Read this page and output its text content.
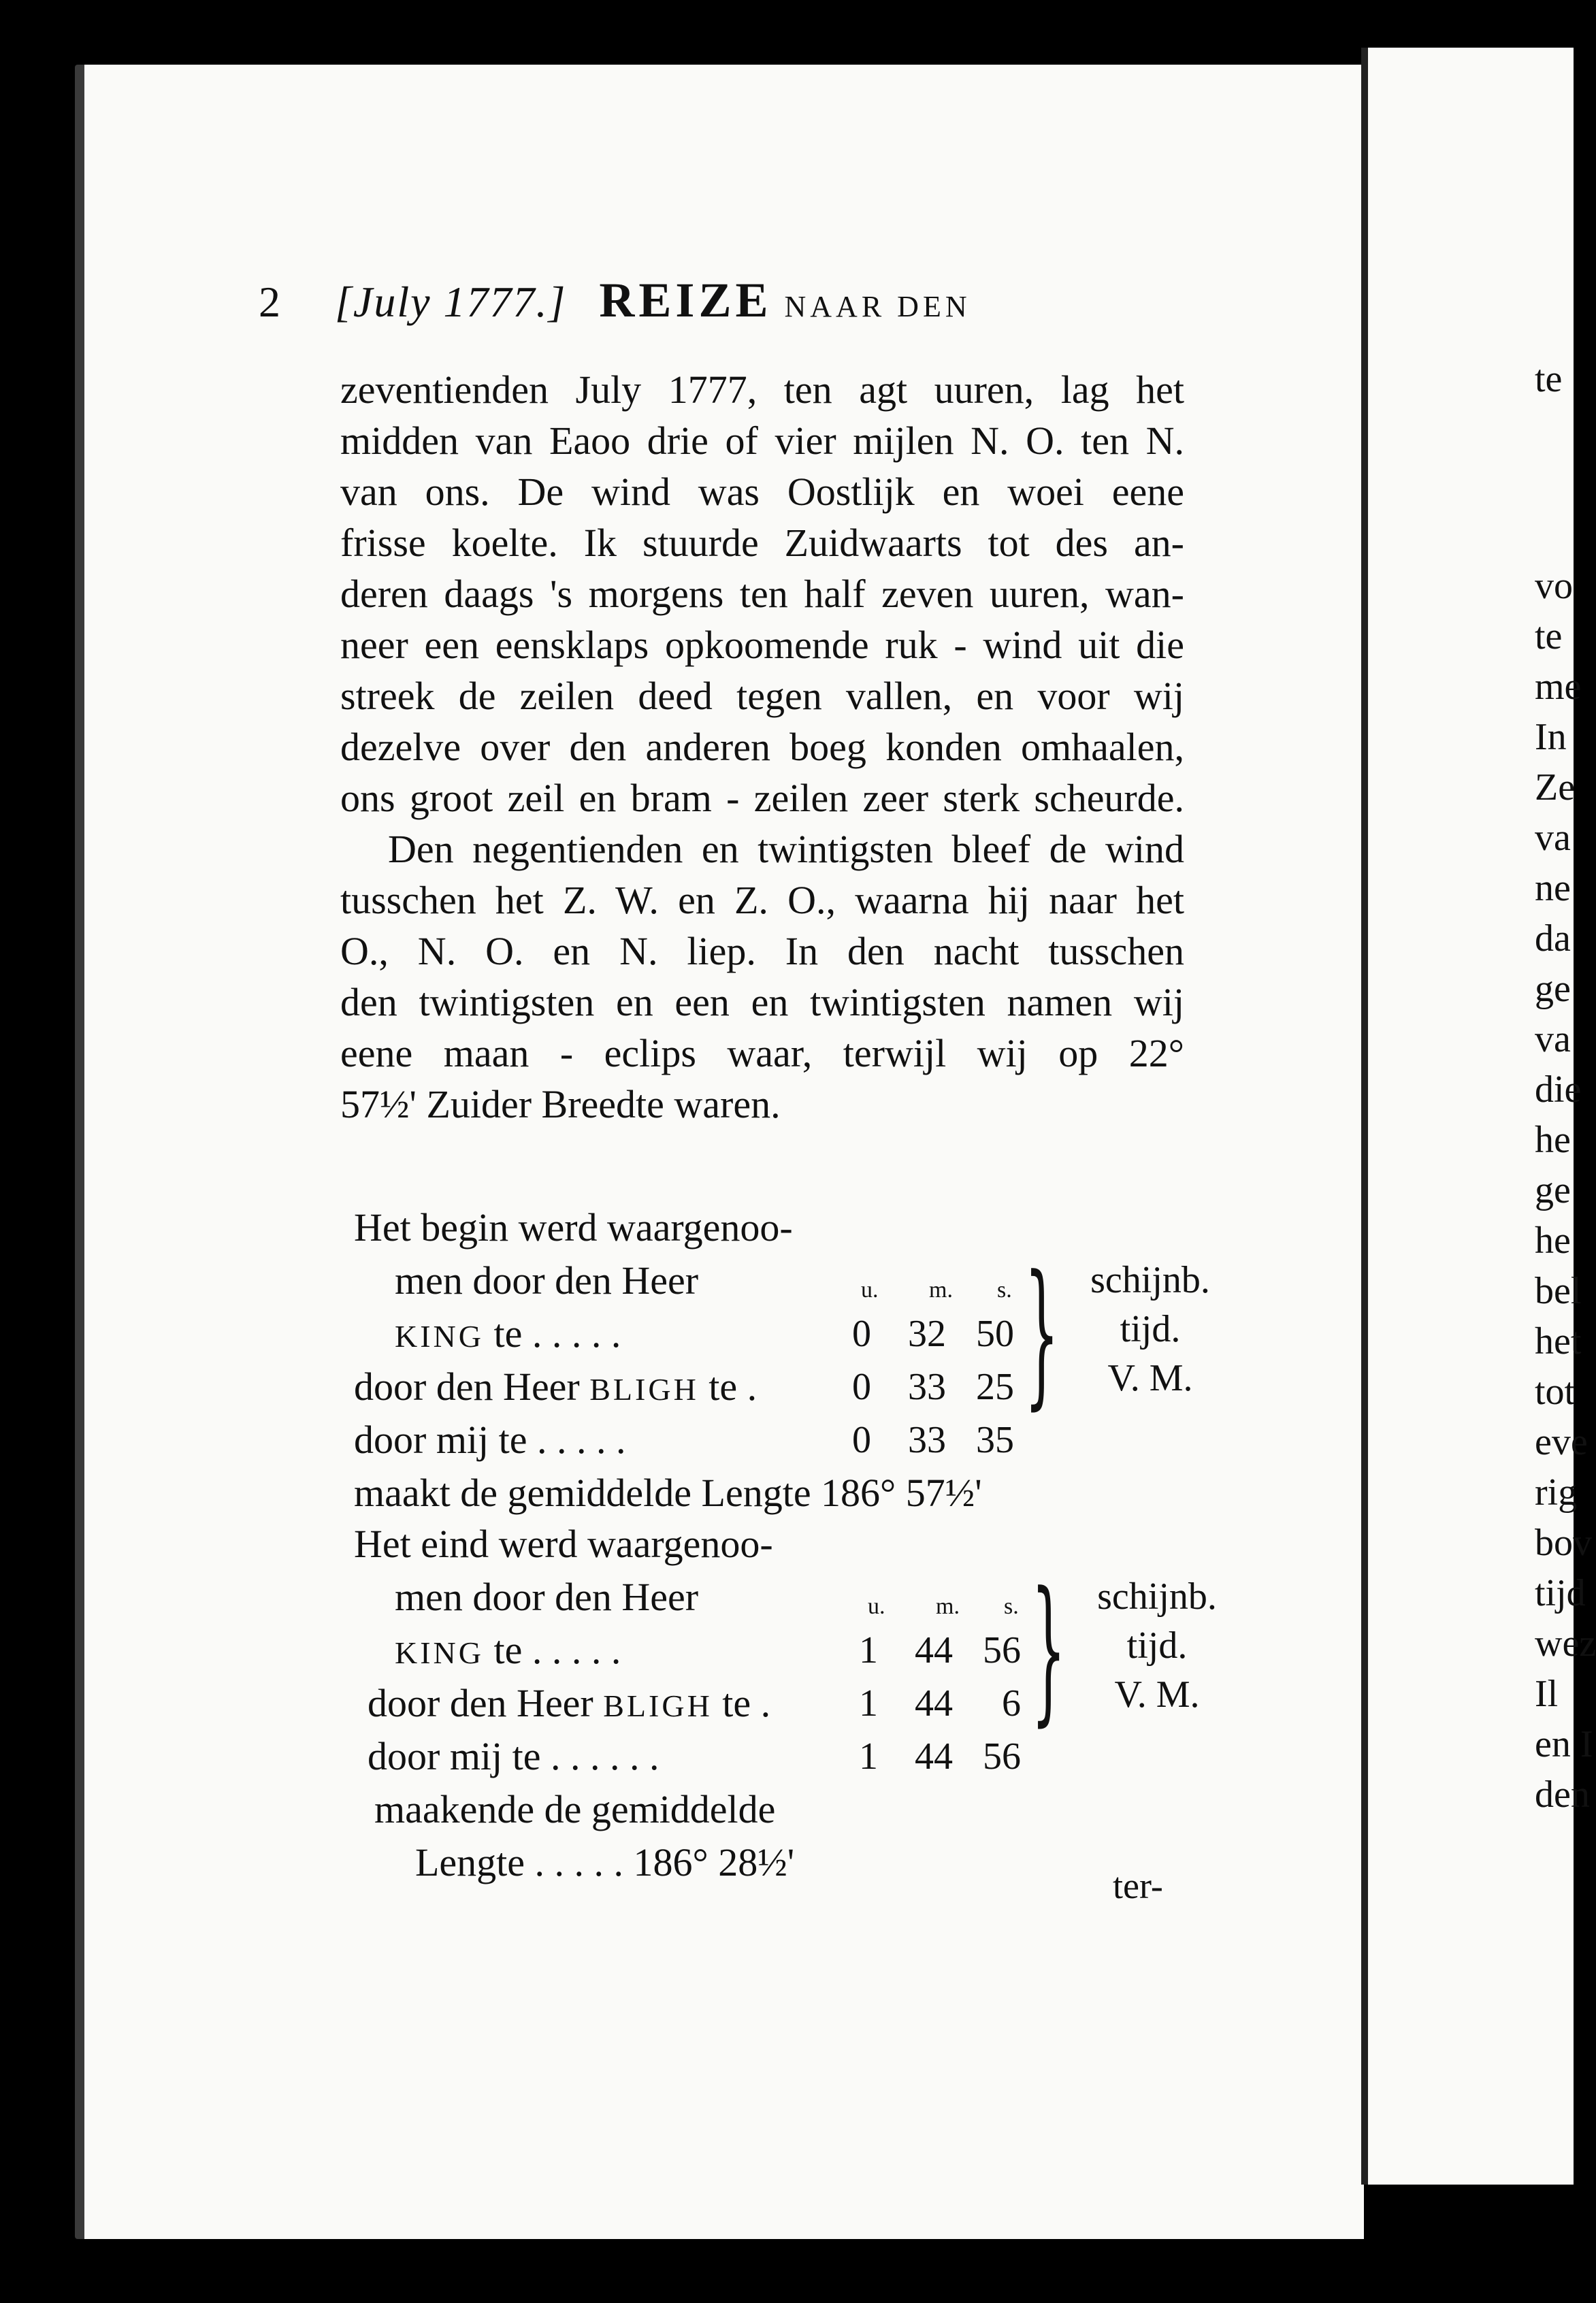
te
vo
te
me
In
Ze
va
ne
da
ge
va
die
he
ge
he
bel
het
tot
eve
rig
bov
tijd
wez
Il
en I
den
2 [July 1777.] REIZE NAAR DEN
zeventienden July 1777, ten agt uuren, lag het
midden van Eaoo drie of vier mijlen N. O. ten N.
van ons. De wind was Oostlijk en woei eene
frisse koelte. Ik stuurde Zuidwaarts tot des an-
deren daags 's morgens ten half zeven uuren, wan-
neer een eensklaps opkoomende ruk - wind uit die
streek de zeilen deed tegen vallen, en voor wij
dezelve over den anderen boeg konden omhaalen,
ons groot zeil en bram - zeilen zeer sterk scheurde.
Den negentienden en twintigsten bleef de wind
tusschen het Z. W. en Z. O., waarna hij naar het
O., N. O. en N. liep. In den nacht tusschen
den twintigsten en een en twintigsten namen wij
eene maan - eclips waar, terwijl wij op 22°
57½' Zuider Breedte waren.
Het begin werd waargenoo-
men door den Heer	u. m. s.
KING te . . . . .	0 32 50
door den Heer BLIGH te . 0 33 25
door mij te . . . . .	0 33 35
} schijnb.
tijd.
V. M.
maakt de gemiddelde Lengte 186° 57½'
Het eind werd waargenoo-
men door den Heer	u. m. s.
KING te . . . . .	1 44 56
door den Heer BLIGH te . 1 44	6
door mij te . . . . . .	1 44 56
} schijnb.
tijd.
V. M.
maakende de gemiddelde
Lengte . . . . . 186° 28½'
ter-
